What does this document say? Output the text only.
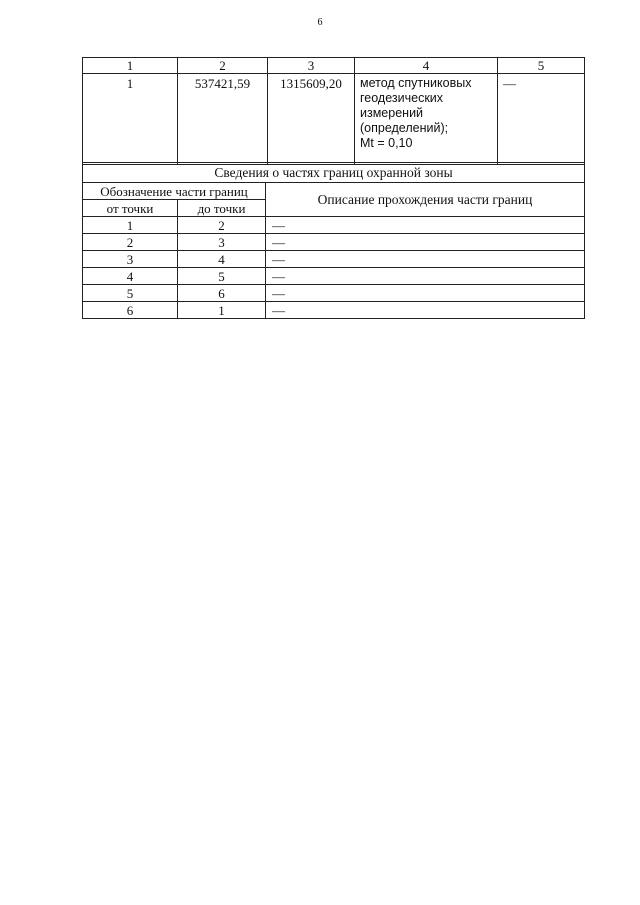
6
1	2	3	4	5
1	537421,59	1315609,20	метод спутниковых
геодезических
измерений
(определений);
Mt = 0,10	—
Сведения о частях границ охранной зоны		
Обозначение части границ		Описание прохождения части границ
от точки	до точки	
1	2	—
2	3	—
3	4	—
4	5	—
5	6	—
6	1	—
